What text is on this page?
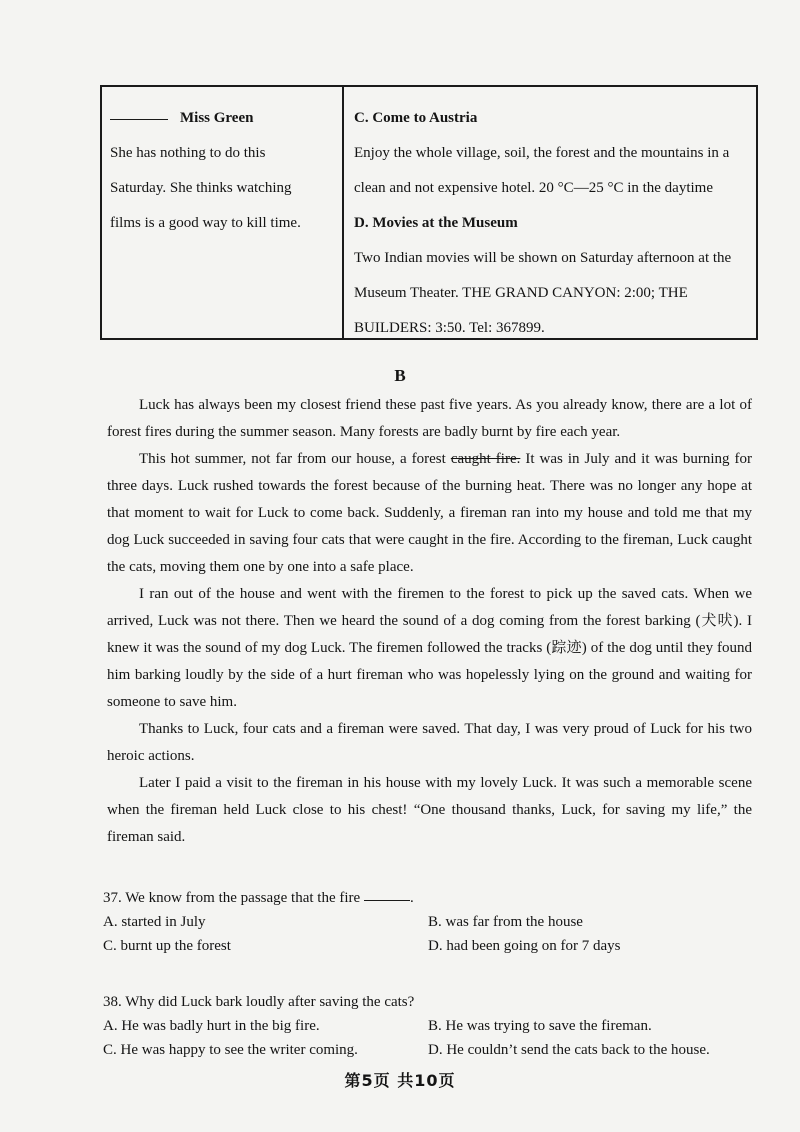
Miss Green
She has nothing to do this
Saturday. She thinks watching
films is a good way to kill time.
C. Come to Austria
Enjoy the whole village, soil, the forest and the mountains in a
clean and not expensive hotel. 20 °C—25 °C in the daytime
D. Movies at the Museum
Two Indian movies will be shown on Saturday afternoon at the
Museum Theater. THE GRAND CANYON: 2:00; THE
BUILDERS: 3:50. Tel: 367899.
B

Luck has always been my closest friend these past five years. As you already know, there are a lot of forest fires during the summer season. Many forests are badly burnt by fire each year.

This hot summer, not far from our house, a forest caught fire. It was in July and it was burning for three days. Luck rushed towards the forest because of the burning heat. There was no longer any hope at that moment to wait for Luck to come back. Suddenly, a fireman ran into my house and told me that my dog Luck succeeded in saving four cats that were caught in the fire. According to the fireman, Luck caught the cats, moving them one by one into a safe place.

I ran out of the house and went with the firemen to the forest to pick up the saved cats. When we arrived, Luck was not there. Then we heard the sound of a dog coming from the forest barking (犬吠). I knew it was the sound of my dog Luck. The firemen followed the tracks (踪迹) of the dog until they found him barking loudly by the side of a hurt fireman who was hopelessly lying on the ground and waiting for someone to save him.

Thanks to Luck, four cats and a fireman were saved. That day, I was very proud of Luck for his two heroic actions.

Later I paid a visit to the fireman in his house with my lovely Luck. It was such a memorable scene when the fireman held Luck close to his chest! “One thousand thanks, Luck, for saving my life,” the fireman said.

37. We know from the passage that the fire	.
A. started in July	B. was far from the house
C. burnt up the forest	D. had been going on for 7 days
38. Why did Luck bark loudly after saving the cats?
A. He was badly hurt in the big fire.	B. He was trying to save the fireman.
C. He was happy to see the writer coming.	D. He couldn’t send the cats back to the house.
第5页 共10页
